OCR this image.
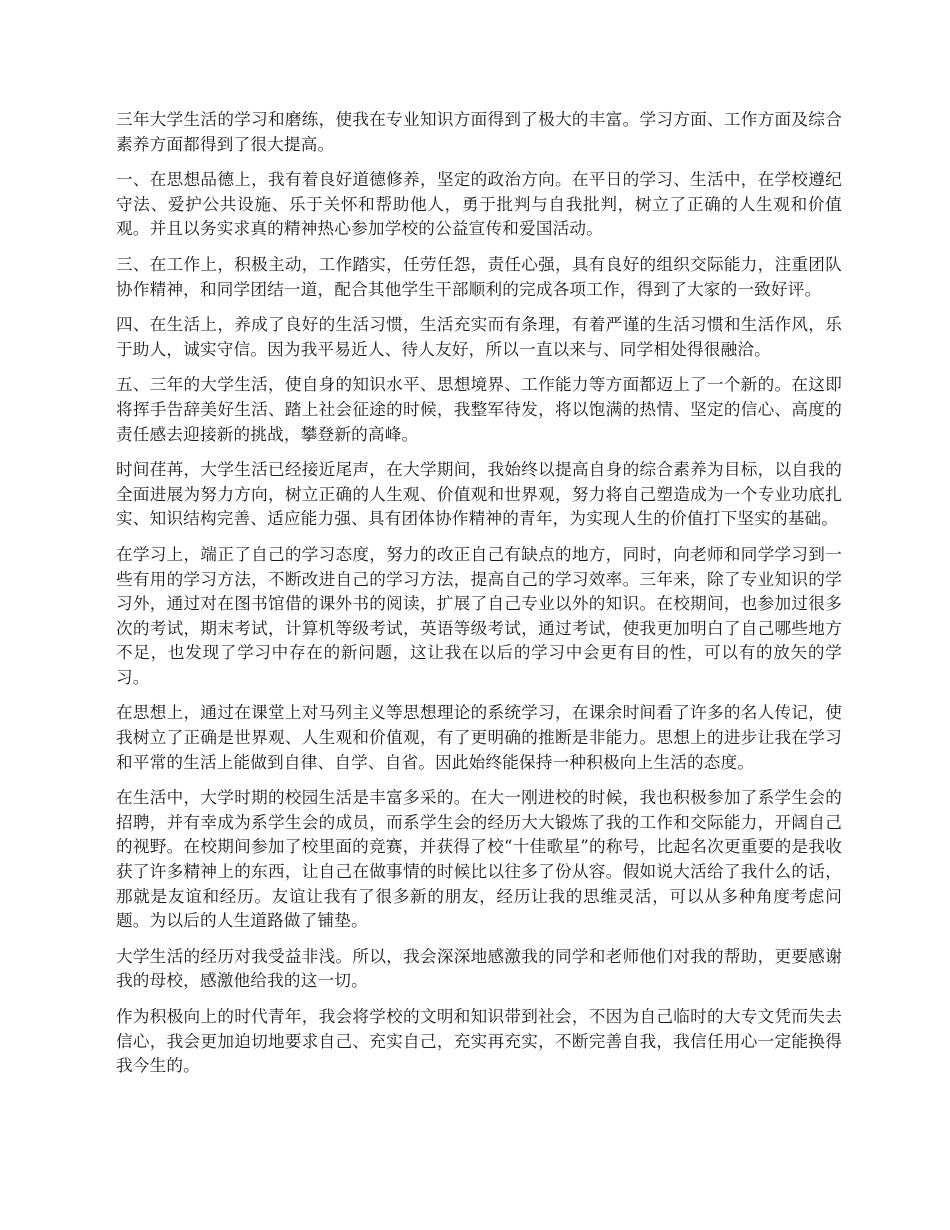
三年大学生活的学习和磨练，使我在专业知识方面得到了极大的丰富。学习方面、工作方面及综合素养方面都得到了很大提高。

一、在思想品德上，我有着良好道德修养，坚定的政治方向。在平日的学习、生活中，在学校遵纪守法、爱护公共设施、乐于关怀和帮助他人，勇于批判与自我批判，树立了正确的人生观和价值观。并且以务实求真的精神热心参加学校的公益宣传和爱国活动。

三、在工作上，积极主动，工作踏实，任劳任怨，责任心强，具有良好的组织交际能力，注重团队协作精神，和同学团结一道，配合其他学生干部顺利的完成各项工作，得到了大家的一致好评。

四、在生活上，养成了良好的生活习惯，生活充实而有条理，有着严谨的生活习惯和生活作风，乐于助人，诚实守信。因为我平易近人、待人友好，所以一直以来与、同学相处得很融洽。

五、三年的大学生活，使自身的知识水平、思想境界、工作能力等方面都迈上了一个新的。在这即将挥手告辞美好生活、踏上社会征途的时候，我整军待发，将以饱满的热情、坚定的信心、高度的责任感去迎接新的挑战，攀登新的高峰。

时间荏苒，大学生活已经接近尾声，在大学期间，我始终以提高自身的综合素养为目标，以自我的全面进展为努力方向，树立正确的人生观、价值观和世界观，努力将自己塑造成为一个专业功底扎实、知识结构完善、适应能力强、具有团体协作精神的青年，为实现人生的价值打下坚实的基础。

在学习上，端正了自己的学习态度，努力的改正自己有缺点的地方，同时，向老师和同学学习到一些有用的学习方法，不断改进自己的学习方法，提高自己的学习效率。三年来，除了专业知识的学习外，通过对在图书馆借的课外书的阅读，扩展了自己专业以外的知识。在校期间，也参加过很多次的考试，期末考试，计算机等级考试，英语等级考试，通过考试，使我更加明白了自己哪些地方不足，也发现了学习中存在的新问题，这让我在以后的学习中会更有目的性，可以有的放矢的学习。

在思想上，通过在课堂上对马列主义等思想理论的系统学习，在课余时间看了许多的名人传记，使我树立了正确是世界观、人生观和价值观，有了更明确的推断是非能力。思想上的进步让我在学习和平常的生活上能做到自律、自学、自省。因此始终能保持一种积极向上生活的态度。

在生活中，大学时期的校园生活是丰富多采的。在大一刚进校的时候，我也积极参加了系学生会的招聘，并有幸成为系学生会的成员，而系学生会的经历大大锻炼了我的工作和交际能力，开阔自己的视野。在校期间参加了校里面的竞赛，并获得了校“十佳歌星”的称号，比起名次更重要的是我收获了许多精神上的东西，让自己在做事情的时候比以往多了份从容。假如说大活给了我什么的话，那就是友谊和经历。友谊让我有了很多新的朋友，经历让我的思维灵活，可以从多种角度考虑问题。为以后的人生道路做了铺垫。

大学生活的经历对我受益非浅。所以，我会深深地感激我的同学和老师他们对我的帮助，更要感谢我的母校，感激他给我的这一切。

作为积极向上的时代青年，我会将学校的文明和知识带到社会，不因为自己临时的大专文凭而失去信心，我会更加迫切地要求自己、充实自己，充实再充实，不断完善自我，我信任用心一定能换得我今生的。
